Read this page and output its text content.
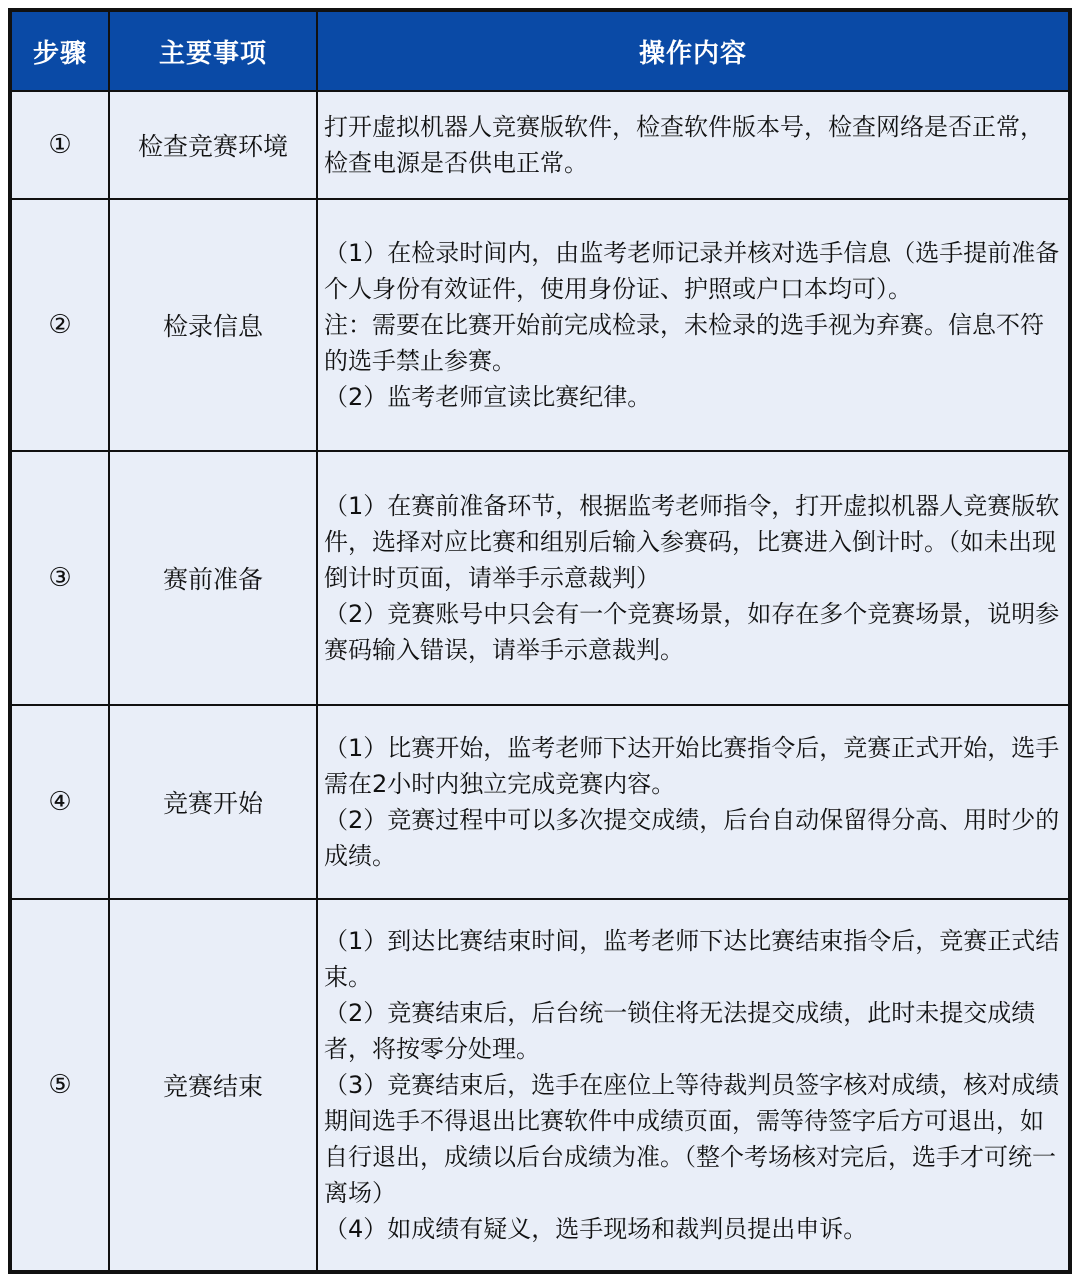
步骤	主要事项	操作内容
①	检查竞赛环境	打开虚拟机器人竞赛版软件，检查软件版本号，检查网络是否正常，检查电源是否供电正常。

②	检录信息	（1）在检录时间内，由监考老师记录并核对选手信息（选手提前准备个人身份有效证件，使用身份证、护照或户口本均可）。
注：需要在比赛开始前完成检录，未检录的选手视为弃赛。信息不符的选手禁止参赛。
（2）监考老师宣读比赛纪律。

③	赛前准备	（1）在赛前准备环节，根据监考老师指令，打开虚拟机器人竞赛版软件，选择对应比赛和组别后输入参赛码，比赛进入倒计时。（如未出现倒计时页面，请举手示意裁判）
（2）竞赛账号中只会有一个竞赛场景，如存在多个竞赛场景，说明参赛码输入错误，请举手示意裁判。

④	竞赛开始	（1）比赛开始，监考老师下达开始比赛指令后，竞赛正式开始，选手需在2小时内独立完成竞赛内容。
（2）竞赛过程中可以多次提交成绩，后台自动保留得分高、用时少的成绩。

⑤	竞赛结束	（1）到达比赛结束时间，监考老师下达比赛结束指令后，竞赛正式结束。
（2）竞赛结束后，后台统一锁住将无法提交成绩，此时未提交成绩者，将按零分处理。
（3）竞赛结束后，选手在座位上等待裁判员签字核对成绩，核对成绩期间选手不得退出比赛软件中成绩页面，需等待签字后方可退出，如自行退出，成绩以后台成绩为准。（整个考场核对完后，选手才可统一离场）
（4）如成绩有疑义，选手现场和裁判员提出申诉。
